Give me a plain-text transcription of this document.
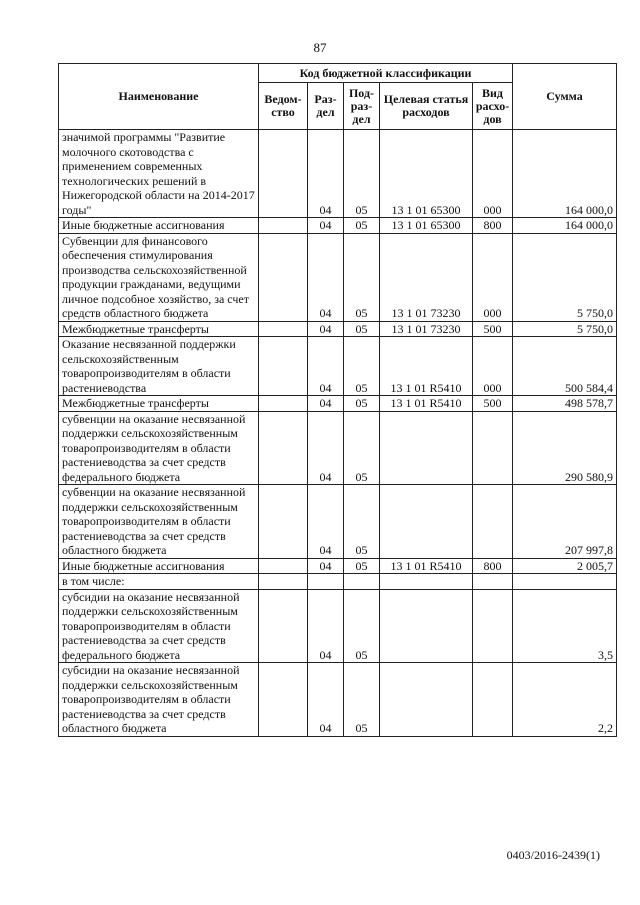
87
Наименование	Код бюджетной классификации					Сумма
	Ведом- ство	Раз- дел	Под- раз- дел	Целевая статья расходов	Вид расхо- дов	
значимой программы "Развитие молочного скотоводства с применением современных технологических решений в Нижегородской области на 2014-2017 годы"		04	05	13 1 01 65300	000	164 000,0
Иные бюджетные ассигнования		04	05	13 1 01 65300	800	164 000,0
Субвенции для финансового обеспечения стимулирования производства сельскохозяйственной продукции гражданами, ведущими личное подсобное хозяйство, за счет средств областного бюджета		04	05	13 1 01 73230	000	5 750,0
Межбюджетные трансферты		04	05	13 1 01 73230	500	5 750,0
Оказание несвязанной поддержки сельскохозяйственным товаропроизводителям в области растениеводства		04	05	13 1 01 R5410	000	500 584,4
Межбюджетные трансферты		04	05	13 1 01 R5410	500	498 578,7
субвенции на оказание несвязанной поддержки сельскохозяйственным товаропроизводителям в области растениеводства за счет средств федерального бюджета		04	05			290 580,9
субвенции на оказание несвязанной поддержки сельскохозяйственным товаропроизводителям в области растениеводства за счет средств областного бюджета		04	05			207 997,8
Иные бюджетные ассигнования		04	05	13 1 01 R5410	800	2 005,7
в том числе:						
субсидии на оказание несвязанной поддержки сельскохозяйственным товаропроизводителям в области растениеводства за счет средств федерального бюджета		04	05			3,5
субсидии на оказание несвязанной поддержки сельскохозяйственным товаропроизводителям в области растениеводства за счет средств областного бюджета		04	05			2,2
0403/2016-2439(1)
